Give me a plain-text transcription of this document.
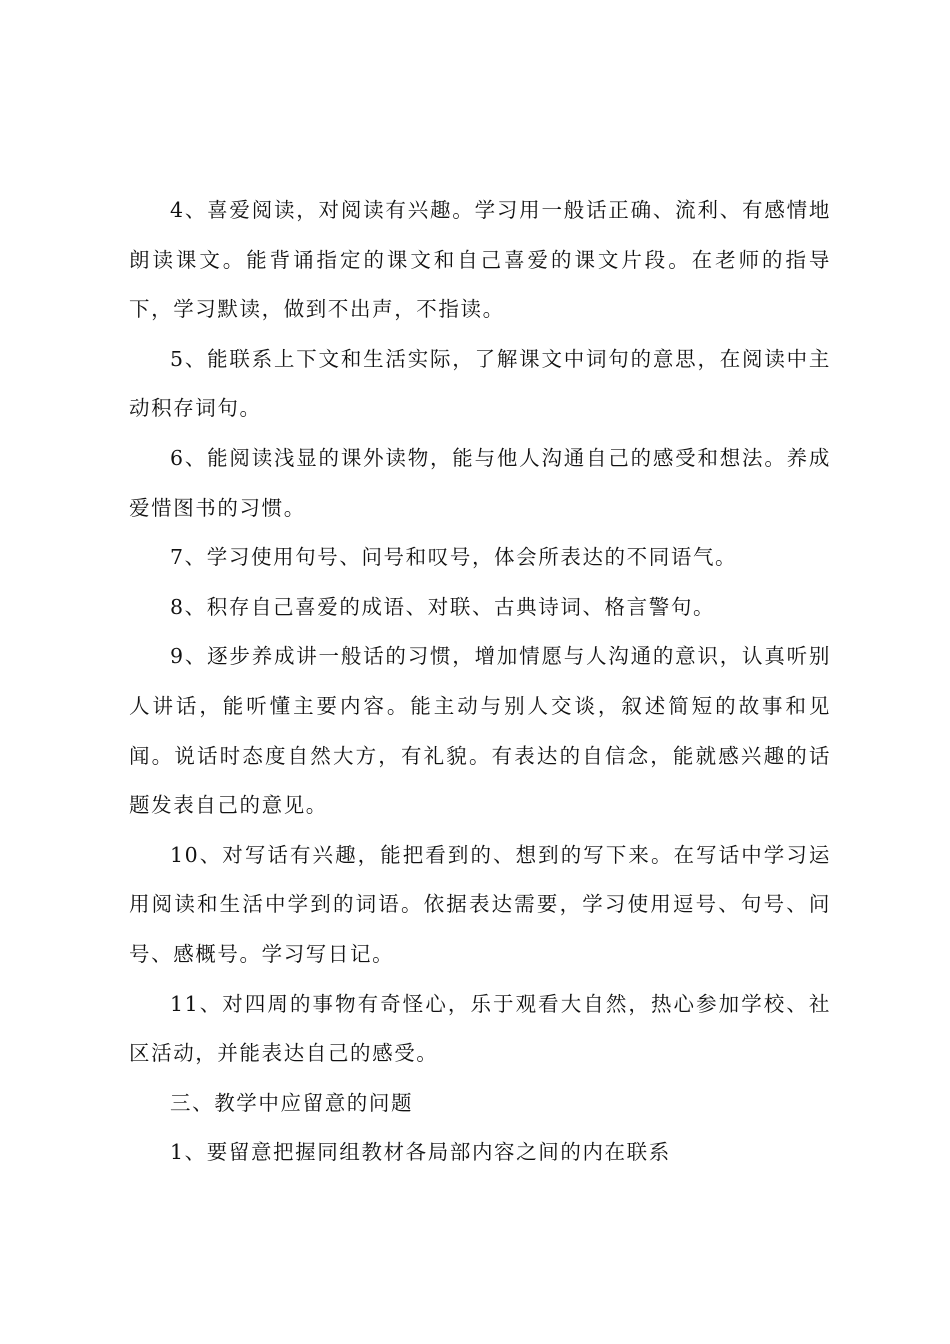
4、喜爱阅读，对阅读有兴趣。学习用一般话正确、流利、有感情地朗读课文。能背诵指定的课文和自己喜爱的课文片段。在老师的指导下，学习默读，做到不出声，不指读。

5、能联系上下文和生活实际，了解课文中词句的意思，在阅读中主动积存词句。

6、能阅读浅显的课外读物，能与他人沟通自己的感受和想法。养成爱惜图书的习惯。

7、学习使用句号、问号和叹号，体会所表达的不同语气。

8、积存自己喜爱的成语、对联、古典诗词、格言警句。

9、逐步养成讲一般话的习惯，增加情愿与人沟通的意识，认真听别人讲话，能听懂主要内容。能主动与别人交谈，叙述简短的故事和见闻。说话时态度自然大方，有礼貌。有表达的自信念，能就感兴趣的话题发表自己的意见。

10、对写话有兴趣，能把看到的、想到的写下来。在写话中学习运用阅读和生活中学到的词语。依据表达需要，学习使用逗号、句号、问号、感概号。学习写日记。

11、对四周的事物有奇怪心，乐于观看大自然，热心参加学校、社区活动，并能表达自己的感受。

三、教学中应留意的问题

1、要留意把握同组教材各局部内容之间的内在联系
